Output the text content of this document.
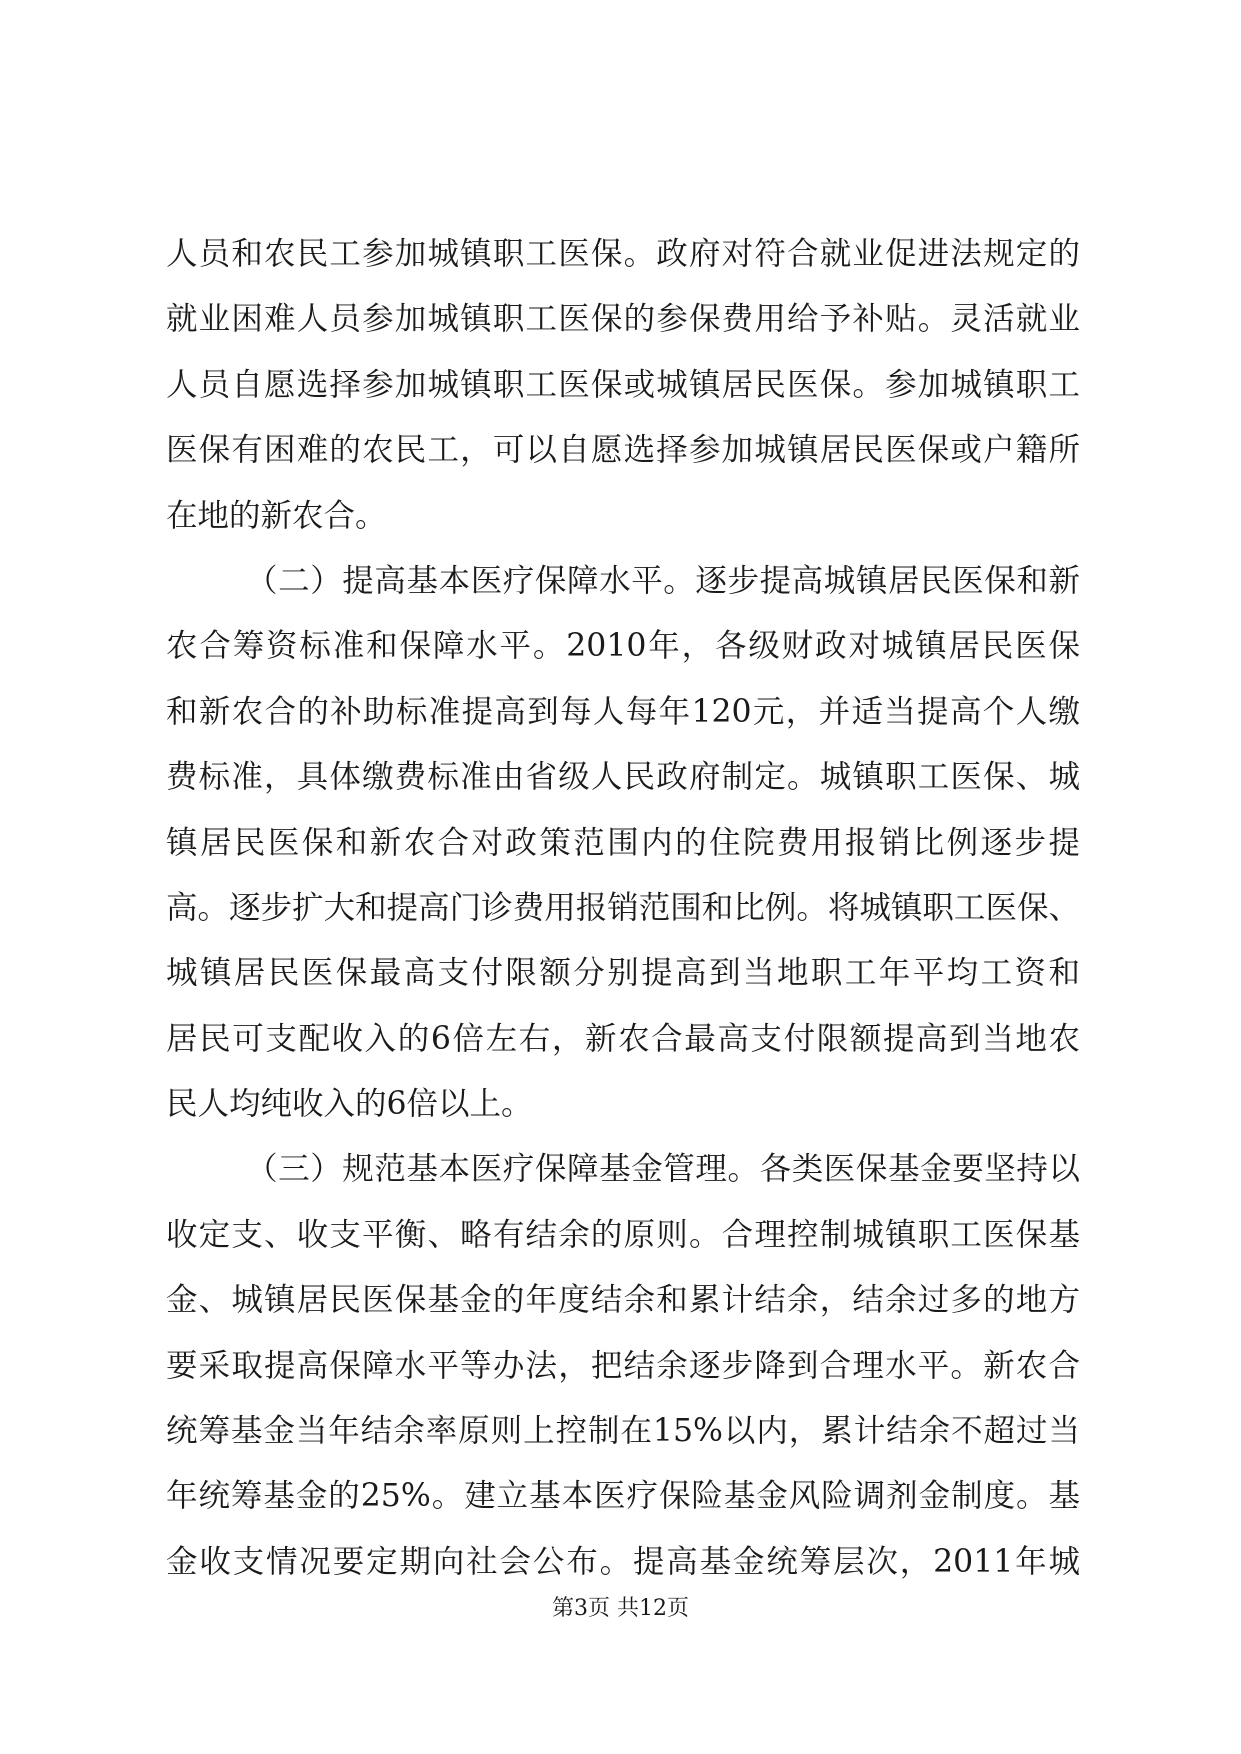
人员和农民工参加城镇职工医保。政府对符合就业促进法规定的
就业困难人员参加城镇职工医保的参保费用给予补贴。灵活就业
人员自愿选择参加城镇职工医保或城镇居民医保。参加城镇职工
医保有困难的农民工，可以自愿选择参加城镇居民医保或户籍所
在地的新农合。
（二）提高基本医疗保障水平。逐步提高城镇居民医保和新
农合筹资标准和保障水平。2010年，各级财政对城镇居民医保
和新农合的补助标准提高到每人每年120元，并适当提高个人缴
费标准，具体缴费标准由省级人民政府制定。城镇职工医保、城
镇居民医保和新农合对政策范围内的住院费用报销比例逐步提
高。逐步扩大和提高门诊费用报销范围和比例。将城镇职工医保、
城镇居民医保最高支付限额分别提高到当地职工年平均工资和
居民可支配收入的6倍左右，新农合最高支付限额提高到当地农
民人均纯收入的6倍以上。
（三）规范基本医疗保障基金管理。各类医保基金要坚持以
收定支、收支平衡、略有结余的原则。合理控制城镇职工医保基
金、城镇居民医保基金的年度结余和累计结余，结余过多的地方
要采取提高保障水平等办法，把结余逐步降到合理水平。新农合
统筹基金当年结余率原则上控制在15%以内，累计结余不超过当
年统筹基金的25%。建立基本医疗保险基金风险调剂金制度。基
金收支情况要定期向社会公布。提高基金统筹层次，2011年城
第3页 共12页
